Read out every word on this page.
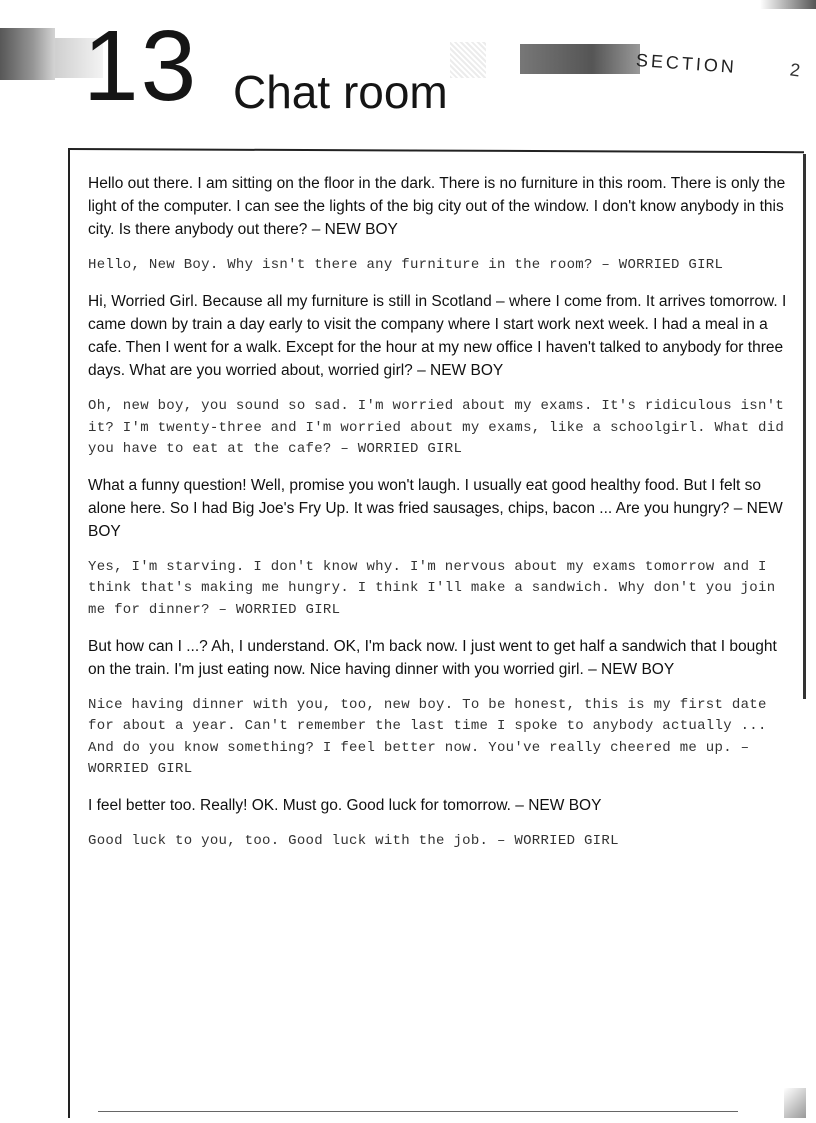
13 Chat room
SECTION	2

Hello out there. I am sitting on the floor in the dark. There is no furniture in this room. There is only the light of the computer. I can see the lights of the big city out of the window. I don't know anybody in this city. Is there anybody out there? – NEW BOY

Hello, New Boy. Why isn't there any furniture in the room? – WORRIED GIRL

Hi, Worried Girl. Because all my furniture is still in Scotland – where I come from. It arrives tomorrow. I came down by train a day early to visit the company where I start work next week. I had a meal in a cafe. Then I went for a walk. Except for the hour at my new office I haven't talked to anybody for three days. What are you worried about, worried girl? – NEW BOY

Oh, new boy, you sound so sad. I'm worried about my exams. It's ridiculous isn't it? I'm twenty-three and I'm worried about my exams, like a schoolgirl. What did you have to eat at the cafe? – WORRIED GIRL

What a funny question! Well, promise you won't laugh. I usually eat good healthy food. But I felt so alone here. So I had Big Joe's Fry Up. It was fried sausages, chips, bacon ... Are you hungry? – NEW BOY

Yes, I'm starving. I don't know why. I'm nervous about my exams tomorrow and I think that's making me hungry. I think I'll make a sandwich. Why don't you join me for dinner? – WORRIED GIRL

But how can I ...? Ah, I understand. OK, I'm back now. I just went to get half a sandwich that I bought on the train. I'm just eating now. Nice having dinner with you worried girl. – NEW BOY

Nice having dinner with you, too, new boy. To be honest, this is my first date for about a year. Can't remember the last time I spoke to anybody actually ... And do you know something? I feel better now. You've really cheered me up. – WORRIED GIRL

I feel better too. Really! OK. Must go. Good luck for tomorrow. – NEW BOY

Good luck to you, too. Good luck with the job. – WORRIED GIRL
